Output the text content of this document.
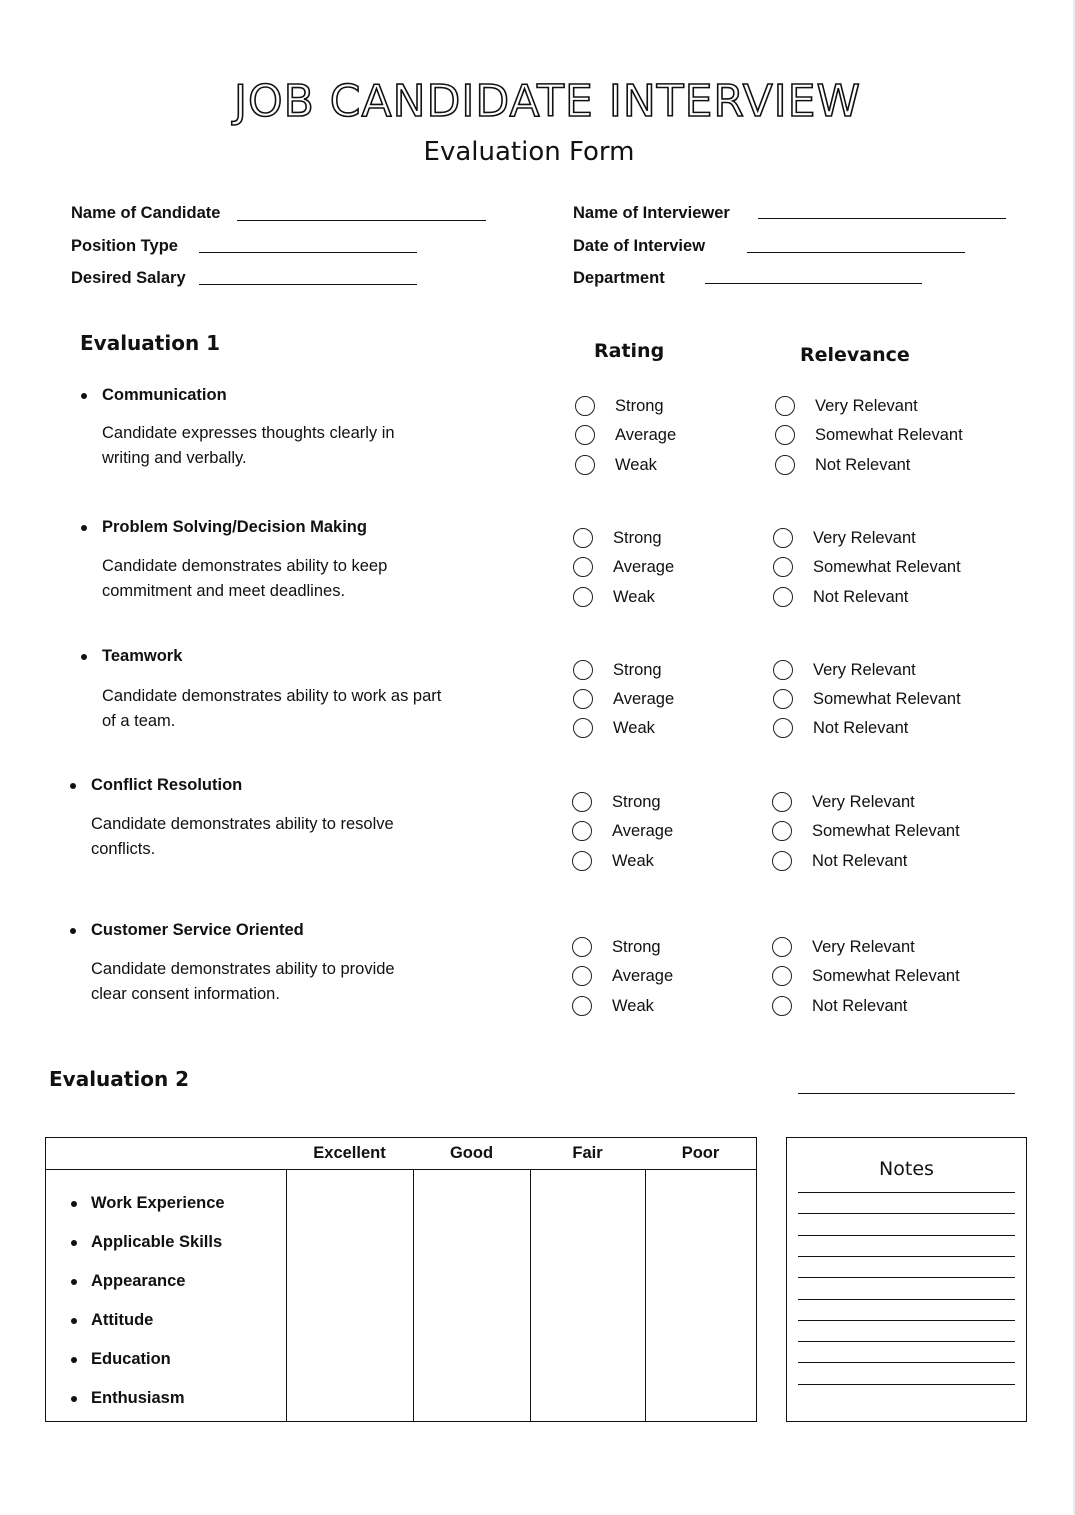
JOB CANDIDATE INTERVIEW
Evaluation Form
Name of Candidate
Position Type
Desired Salary
Name of Interviewer
Date of Interview
Department
Evaluation 1	Rating	Relevance
Communication
Candidate expresses thoughts clearly in writing and verbally.
Strong
Average
Weak
Very Relevant
Somewhat Relevant
Not Relevant
Problem Solving/Decision Making
Candidate demonstrates ability to keep commitment and meet deadlines.
Strong
Average
Weak
Very Relevant
Somewhat Relevant
Not Relevant
Teamwork
Candidate demonstrates ability to work as part of a team.
Strong
Average
Weak
Very Relevant
Somewhat Relevant
Not Relevant
Conflict Resolution
Candidate demonstrates ability to resolve conflicts.
Strong
Average
Weak
Very Relevant
Somewhat Relevant
Not Relevant
Customer Service Oriented
Candidate demonstrates ability to provide clear consent information.
Strong
Average
Weak
Very Relevant
Somewhat Relevant
Not Relevant
Evaluation 2
Excellent	Good	Fair	Poor
Work Experience
Applicable Skills
Appearance
Attitude
Education
Enthusiasm
Notes
